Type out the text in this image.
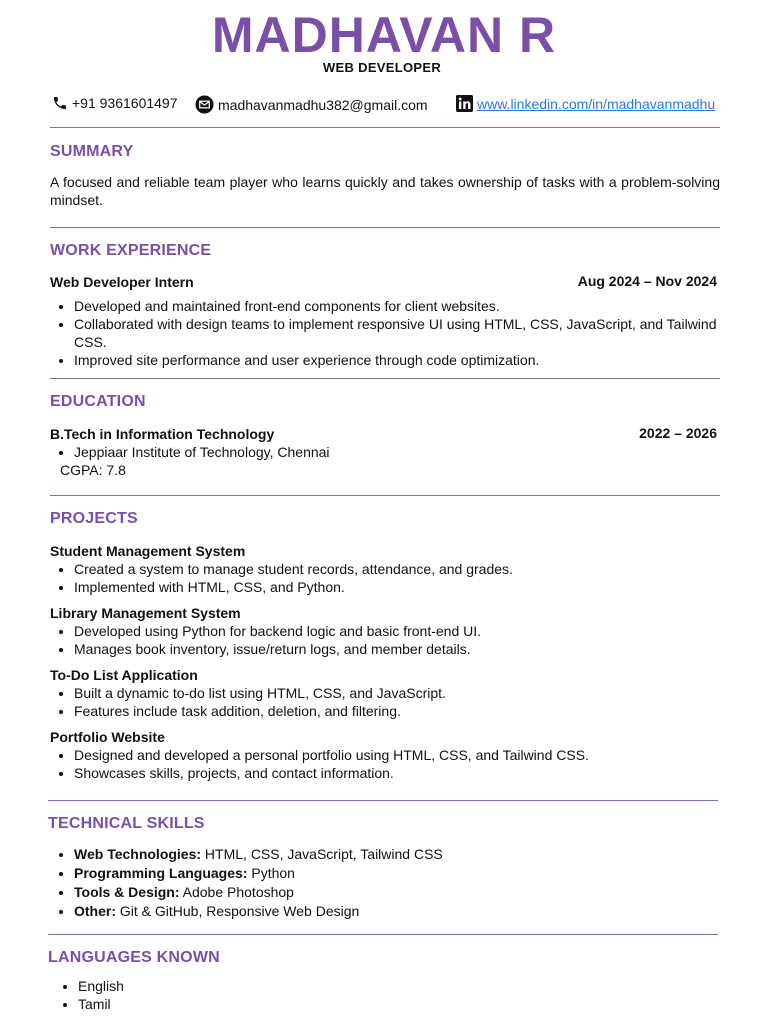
MADHAVAN R
WEB DEVELOPER
+91 9361601497	madhavanmadhu382@gmail.com	www.linkedin.com/in/madhavanmadhu
SUMMARY
A focused and reliable team player who learns quickly and takes ownership of tasks with a problem-solving mindset.
WORK EXPERIENCE
Web Developer Intern	Aug 2024 – Nov 2024
• Developed and maintained front-end components for client websites.
• Collaborated with design teams to implement responsive UI using HTML, CSS, JavaScript, and Tailwind CSS.
• Improved site performance and user experience through code optimization.
EDUCATION
B.Tech in Information Technology	2022 – 2026
• Jeppiaar Institute of Technology, Chennai
CGPA: 7.8
PROJECTS
Student Management System
• Created a system to manage student records, attendance, and grades.
• Implemented with HTML, CSS, and Python.
Library Management System
• Developed using Python for backend logic and basic front-end UI.
• Manages book inventory, issue/return logs, and member details.
To-Do List Application
• Built a dynamic to-do list using HTML, CSS, and JavaScript.
• Features include task addition, deletion, and filtering.
Portfolio Website
• Designed and developed a personal portfolio using HTML, CSS, and Tailwind CSS.
• Showcases skills, projects, and contact information.
TECHNICAL SKILLS
• Web Technologies: HTML, CSS, JavaScript, Tailwind CSS
• Programming Languages: Python
• Tools & Design: Adobe Photoshop
• Other: Git & GitHub, Responsive Web Design
LANGUAGES KNOWN
• English
• Tamil
